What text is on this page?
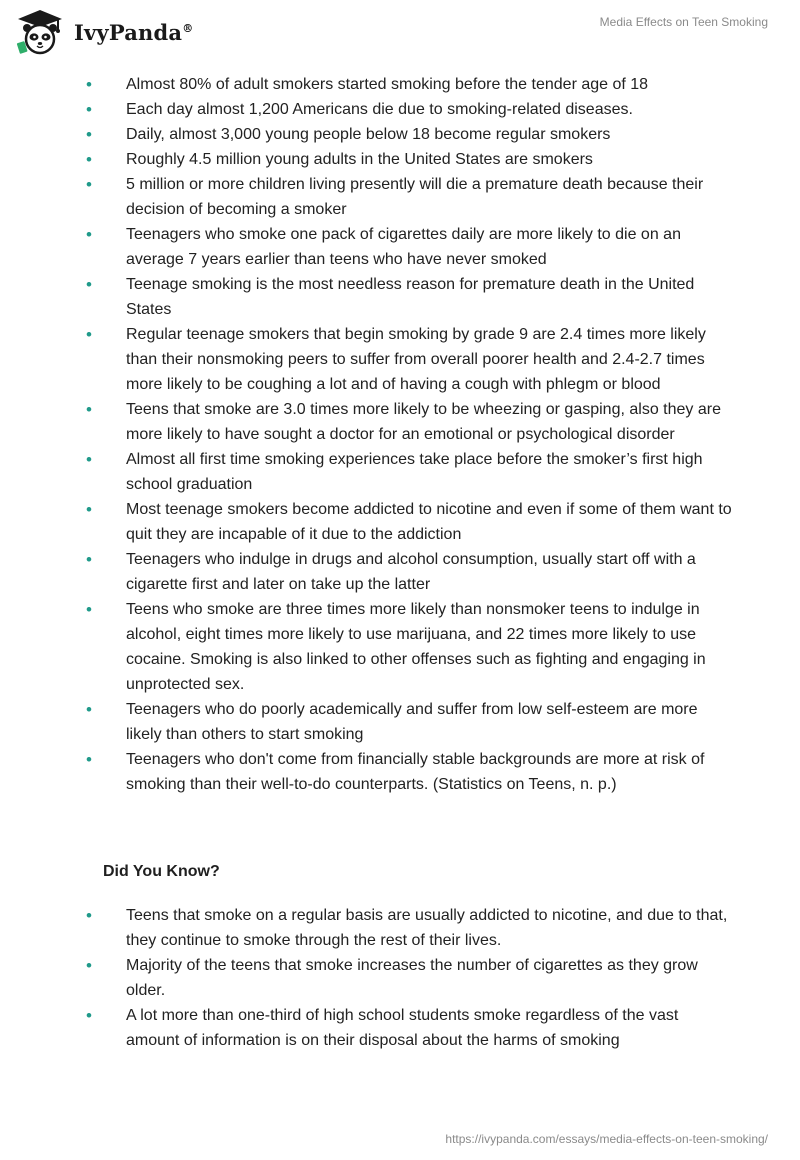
IvyPanda®	Media Effects on Teen Smoking
• Almost 80% of adult smokers started smoking before the tender age of 18
• Each day almost 1,200 Americans die due to smoking-related diseases.
• Daily, almost 3,000 young people below 18 become regular smokers
• Roughly 4.5 million young adults in the United States are smokers
• 5 million or more children living presently will die a premature death because their decision of becoming a smoker
• Teenagers who smoke one pack of cigarettes daily are more likely to die on an average 7 years earlier than teens who have never smoked
• Teenage smoking is the most needless reason for premature death in the United States
• Regular teenage smokers that begin smoking by grade 9 are 2.4 times more likely than their nonsmoking peers to suffer from overall poorer health and 2.4-2.7 times more likely to be coughing a lot and of having a cough with phlegm or blood
• Teens that smoke are 3.0 times more likely to be wheezing or gasping, also they are more likely to have sought a doctor for an emotional or psychological disorder
• Almost all first time smoking experiences take place before the smoker’s first high school graduation
• Most teenage smokers become addicted to nicotine and even if some of them want to quit they are incapable of it due to the addiction
• Teenagers who indulge in drugs and alcohol consumption, usually start off with a cigarette first and later on take up the latter
• Teens who smoke are three times more likely than nonsmoker teens to indulge in alcohol, eight times more likely to use marijuana, and 22 times more likely to use cocaine. Smoking is also linked to other offenses such as fighting and engaging in unprotected sex.
• Teenagers who do poorly academically and suffer from low self-esteem are more likely than others to start smoking
• Teenagers who don't come from financially stable backgrounds are more at risk of smoking than their well-to-do counterparts. (Statistics on Teens, n. p.)
Did You Know?
• Teens that smoke on a regular basis are usually addicted to nicotine, and due to that, they continue to smoke through the rest of their lives.
• Majority of the teens that smoke increases the number of cigarettes as they grow older.
• A lot more than one-third of high school students smoke regardless of the vast amount of information is on their disposal about the harms of smoking
https://ivypanda.com/essays/media-effects-on-teen-smoking/
